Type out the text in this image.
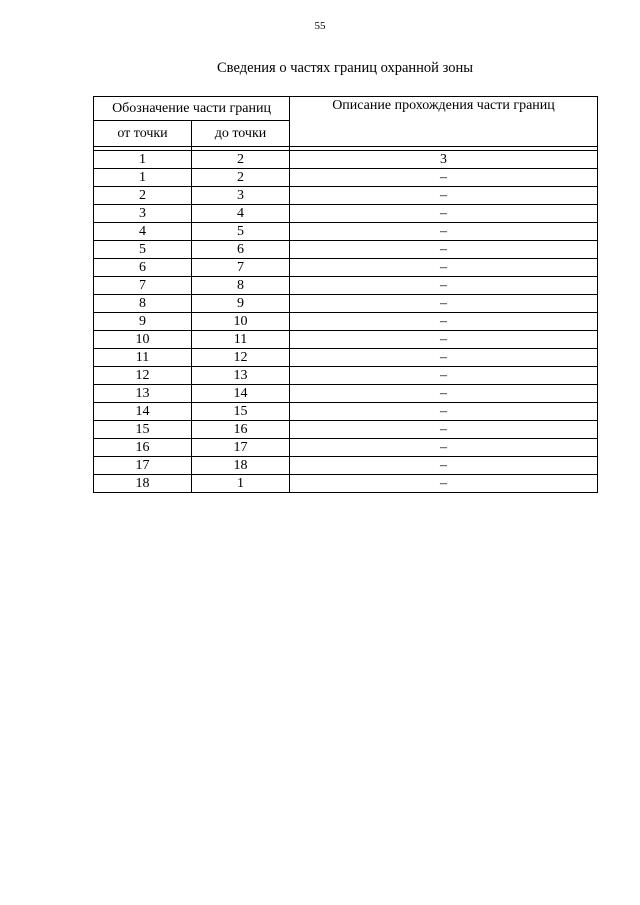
55
Сведения о частях границ охранной зоны
Обозначение части границ		Описание прохождения части границ
от точки	до точки	

1	2	3
1	2	–
2	3	–
3	4	–
4	5	–
5	6	–
6	7	–
7	8	–
8	9	–
9	10	–
10	11	–
11	12	–
12	13	–
13	14	–
14	15	–
15	16	–
16	17	–
17	18	–
18	1	–
